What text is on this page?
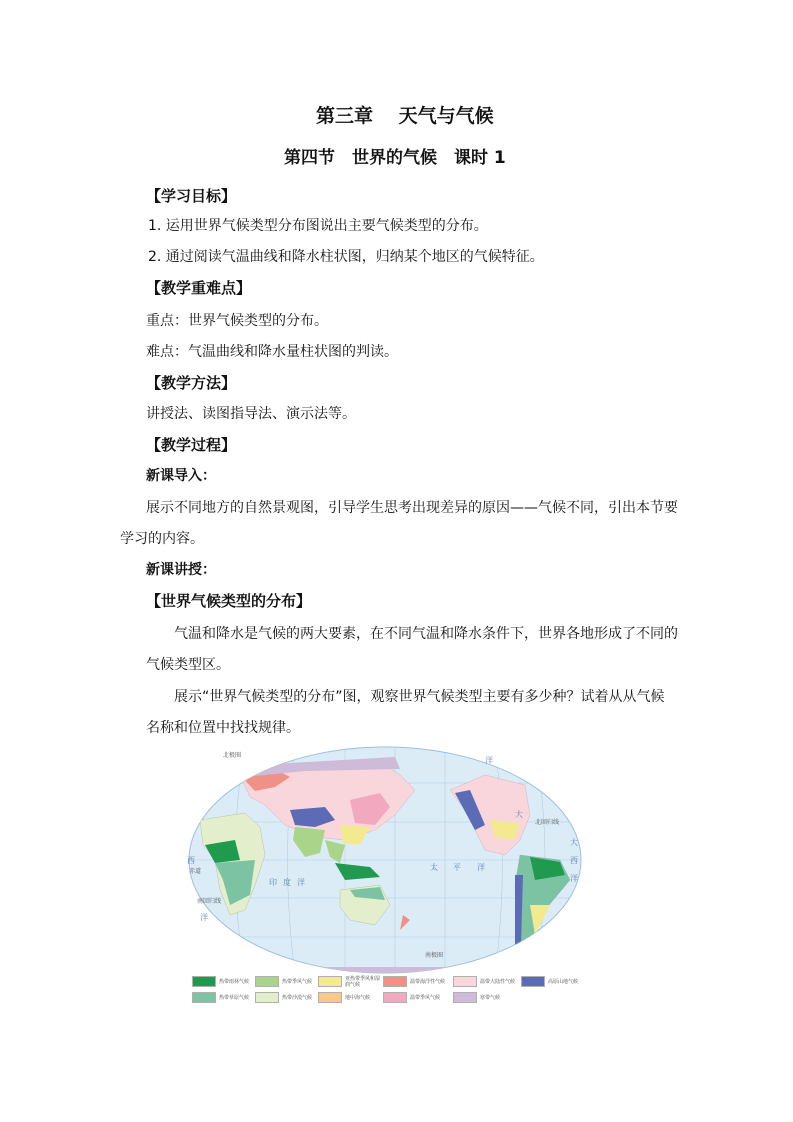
第三章　 天气与气候
第四节　世界的气候　课时 1
【学习目标】
1. 运用世界气候类型分布图说出主要气候类型的分布。
2. 通过阅读气温曲线和降水柱状图，归纳某个地区的气候特征。
【教学重难点】
重点：世界气候类型的分布。
难点：气温曲线和降水量柱状图的判读。
【教学方法】
讲授法、读图指导法、演示法等。
【教学过程】
新课导入：
展示不同地方的自然景观图，引导学生思考出现差异的原因——气候不同，引出本节要
学习的内容。
新课讲授：
【世界气候类型的分布】
气温和降水是气候的两大要素，在不同气温和降水条件下，世界各地形成了不同的
气候类型区。
展示“世界气候类型的分布”图，观察世界气候类型主要有多少种？试着从从气候
名称和位置中找找规律。
北极圈
北回归线
赤道
南回归线
南极圈
大
西
洋
印 度 洋
太 平 洋
大
西
洋
洋
热带雨林气候	热带季风气候	亚热带季风和湿润气候	温带海洋性气候	温带大陆性气候	高原山地气候
热带草原气候	热带沙漠气候	地中海气候	温带季风气候	寒带气候
